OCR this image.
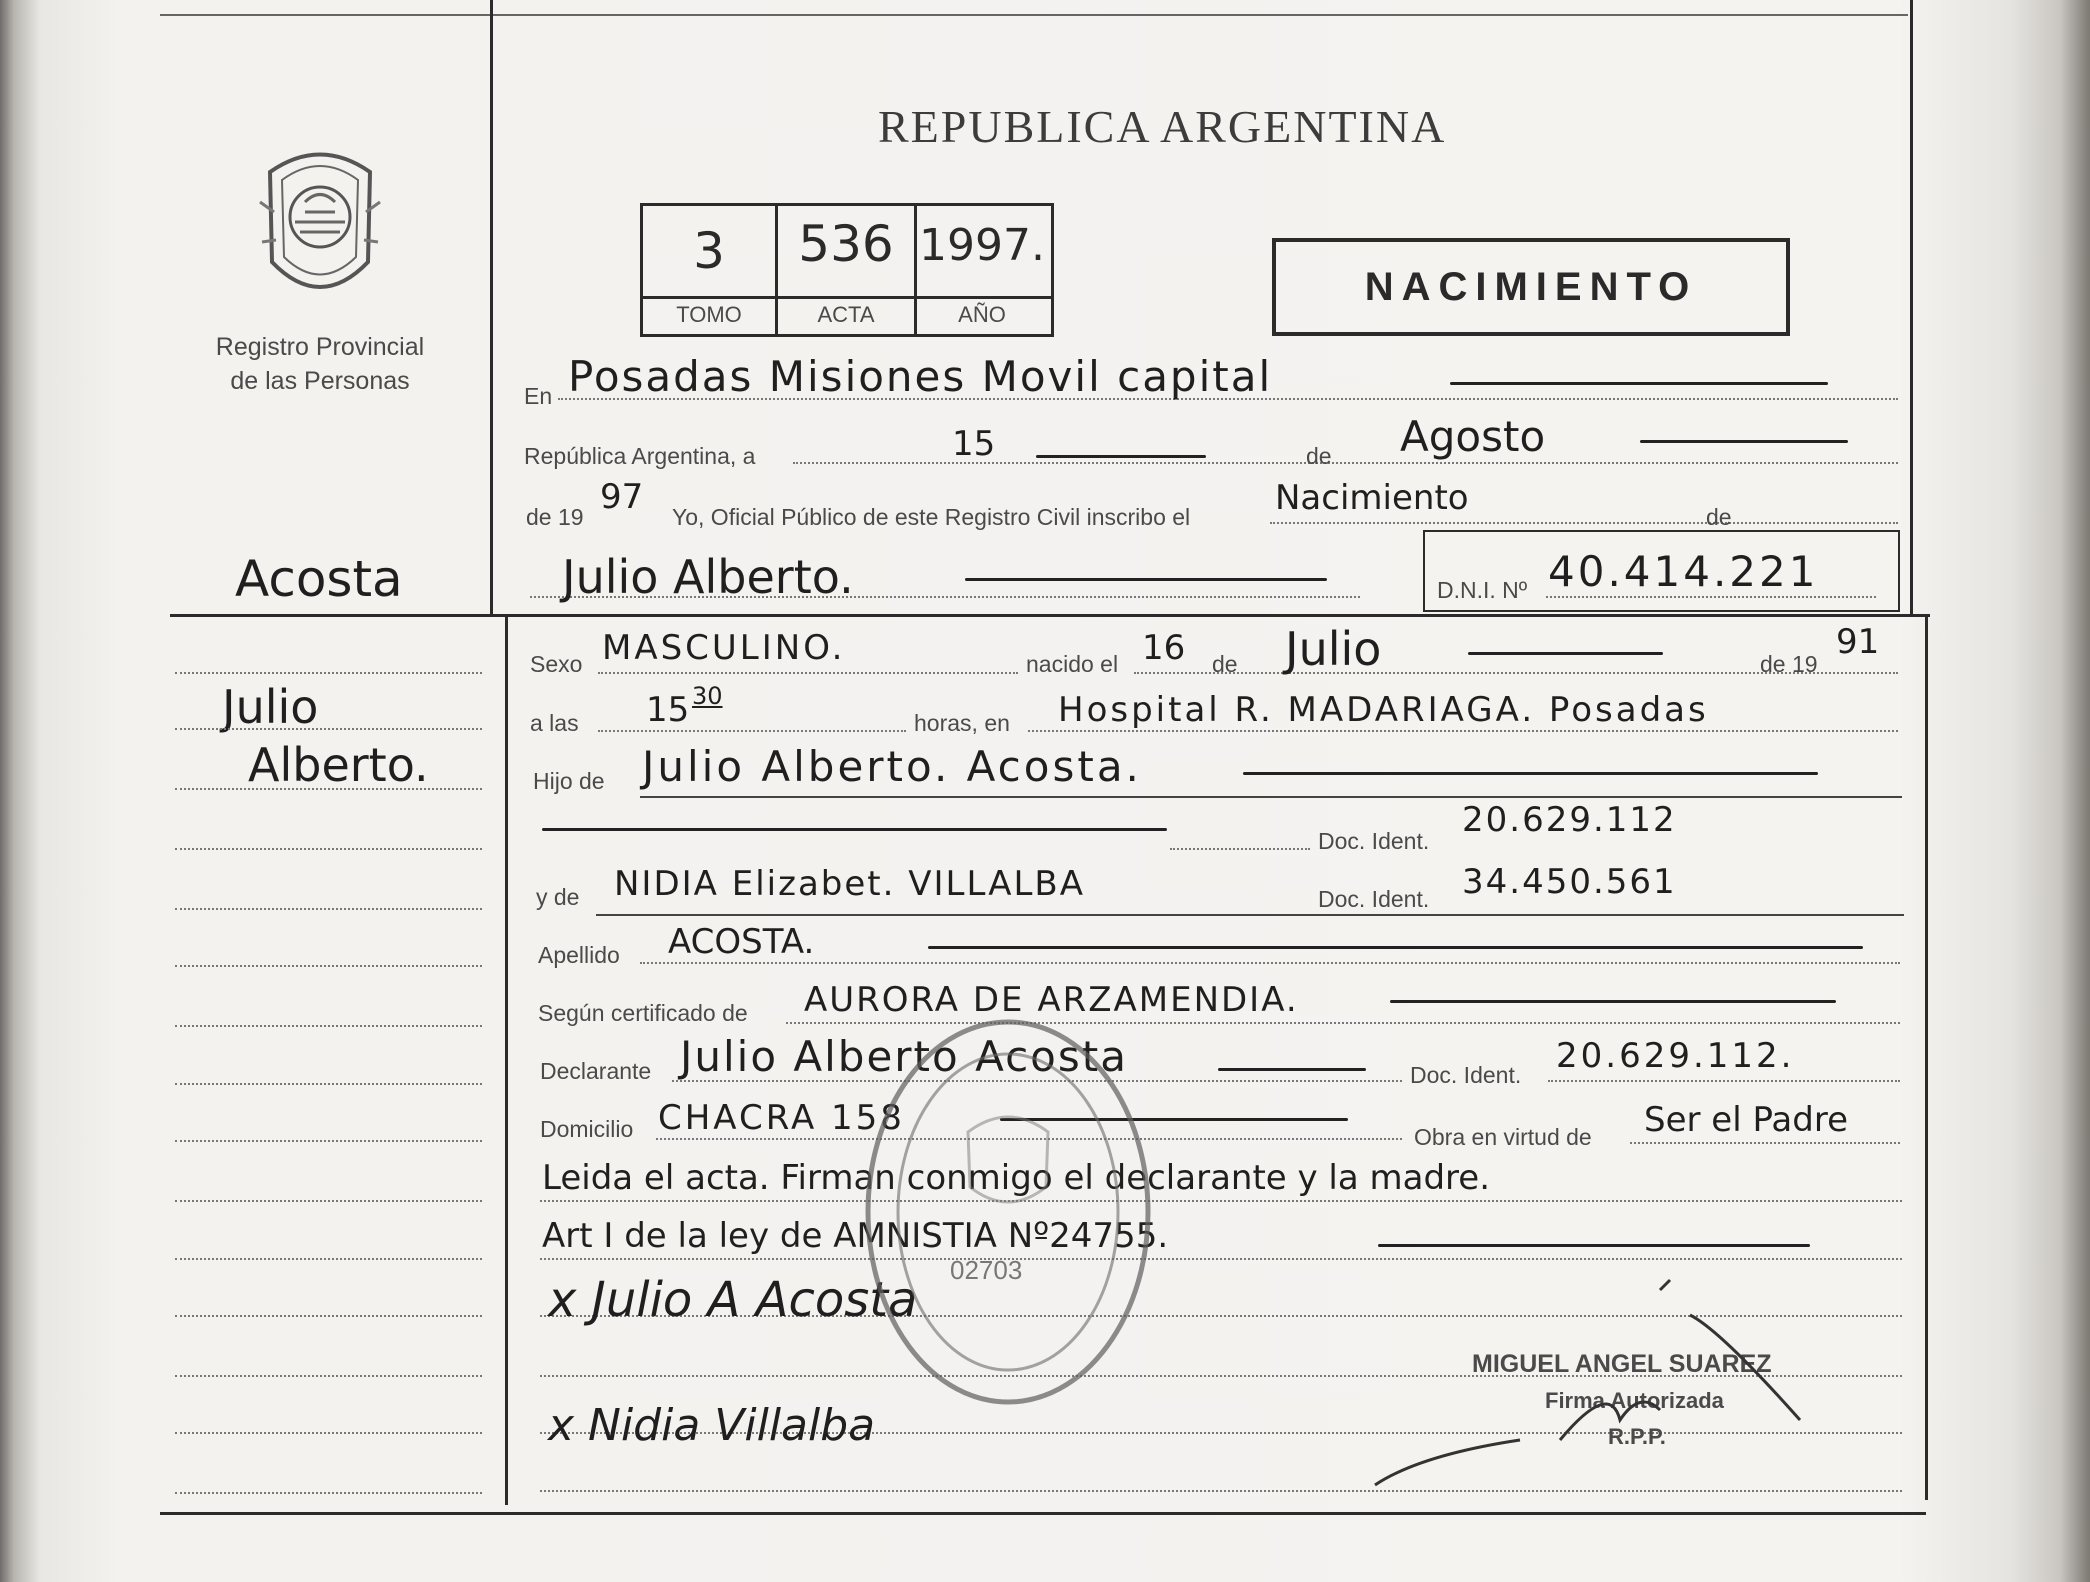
Registro Provincial
de las Personas
REPUBLICA ARGENTINA
3	536 1997.
TOMO	ACTA	AÑO
NACIMIENTO
En Posadas Misiones Movil capital
República Argentina, a	15	de Agosto
de 19 97 Yo, Oficial Público de este Registro Civil inscribo el Nacimiento	de
Julio Alberto.	D.N.I. Nº 40.414.221
Acosta
Julio
Alberto.
Sexo MASCULINO.	nacido el 16 de Julio	de 19
91
a las 15 30
horas, en Hospital R. MADARIAGA. Posadas
Hijo de Julio Alberto. Acosta.
Doc. Ident.
20.629.112
y de NIDIA Elizabet. VILLALBA	Doc. Ident. 34.450.561
Apellido ACOSTA.
Según certificado de AURORA DE ARZAMENDIA.
Declarante Julio Alberto Acosta	Doc. Ident. 20.629.112.
Domicilio CHACRA 158	Obra en virtud de Ser el Padre
Leida el acta. Firman conmigo el declarante y la madre.
Art I de la ley de AMNISTIA Nº24755.
x Julio A Acosta
x Nidia Villalba
02703
MIGUEL ANGEL SUAREZ
Firma Autorizada
R.P.P.
